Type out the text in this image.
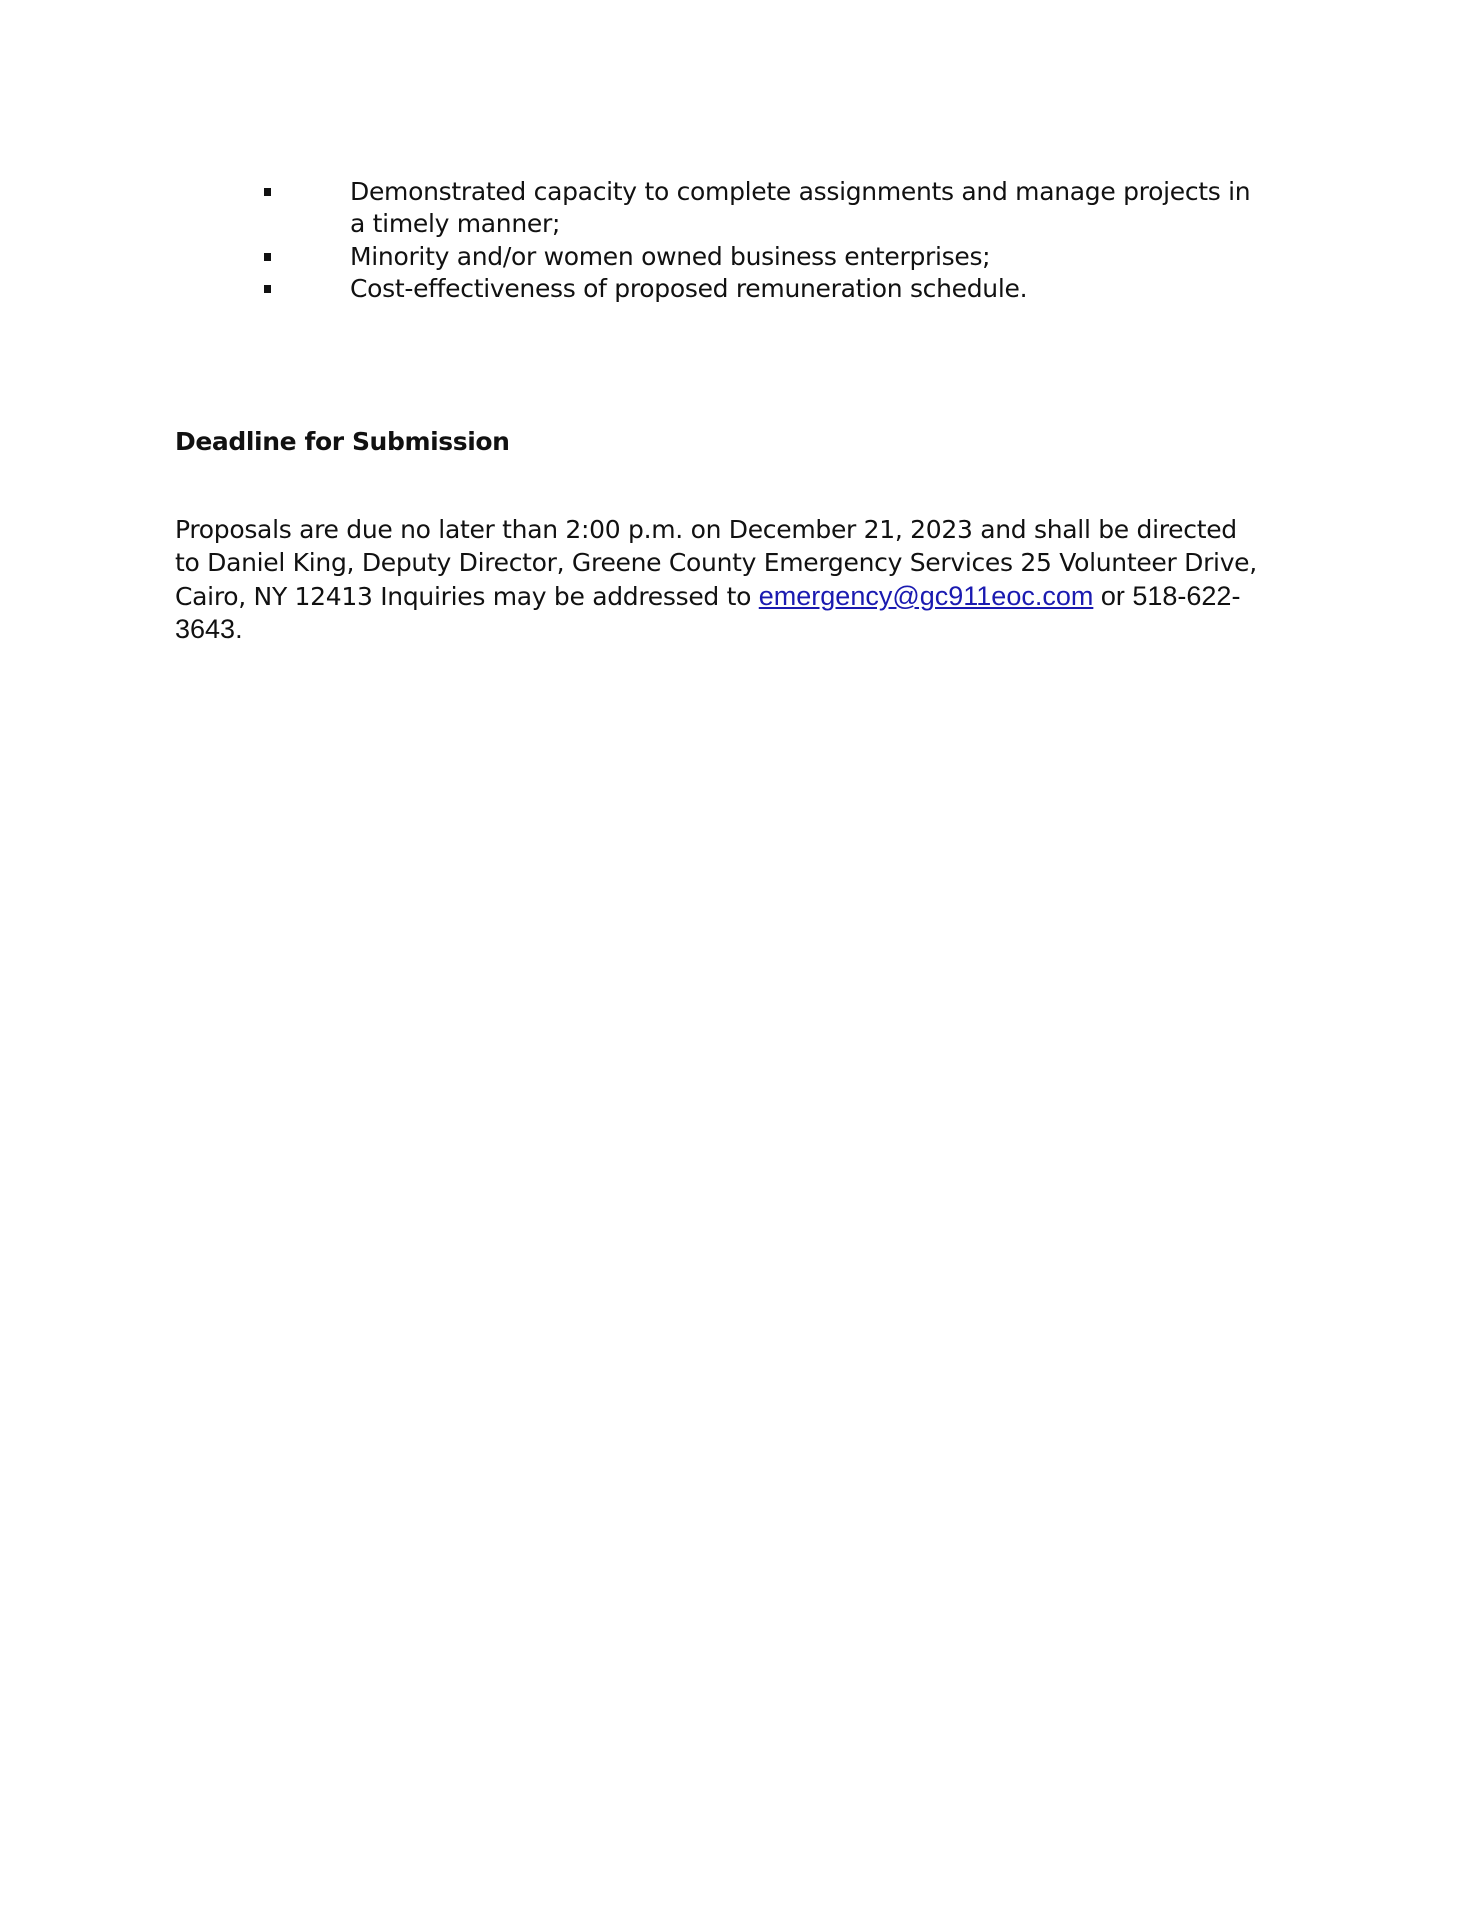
Demonstrated capacity to complete assignments and manage projects in
a timely manner;
Minority and/or women owned business enterprises;
Cost-effectiveness of proposed remuneration schedule.
Deadline for Submission
Proposals are due no later than 2:00 p.m. on December 21, 2023 and shall be directed
to Daniel King, Deputy Director, Greene County Emergency Services 25 Volunteer Drive,
Cairo, NY 12413 Inquiries may be addressed to emergency@gc911eoc.com or 518-622-
3643.
